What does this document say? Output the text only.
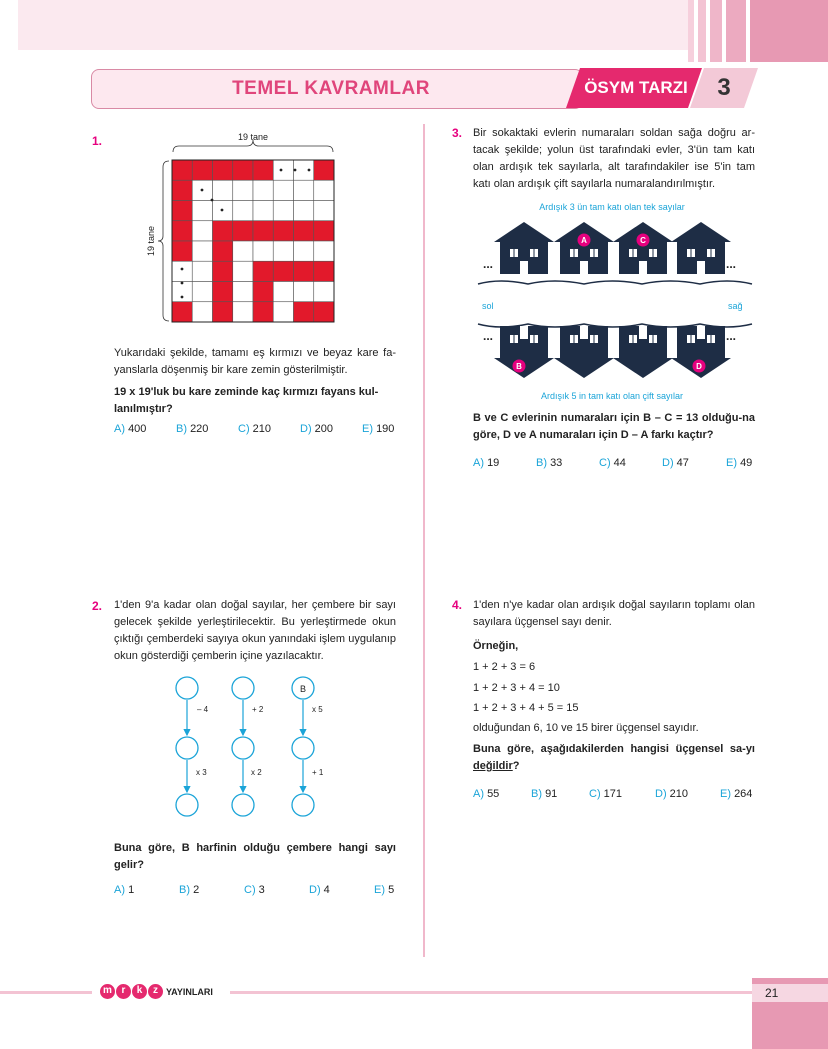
TEMEL KAVRAMLAR	ÖSYM TARZI	3
1.	19 tane
19 tane
Yukarıdaki şekilde, tamamı eş kırmızı ve beyaz kare fa-yanslarla döşenmiş bir kare zemin gösterilmiştir.
19 x 19'luk bu kare zeminde kaç kırmızı fayans kul-lanılmıştır?
A) 400	B) 220	C) 210	D) 200	E) 190
2. 1'den 9'a kadar olan doğal sayılar, her çembere bir sayı gelecek şekilde yerleştirilecektir. Bu yerleştirmede okun çıktığı çemberdeki sayıya okun yanındaki işlem uygulanıp okun gösterdiği çemberin içine yazılacaktır.
B
– 4	+ 2	x 5
x 3	x 2	+ 1
Buna göre, B harfinin olduğu çembere hangi sayı gelir?
A) 1	B) 2	C) 3	D) 4	E) 5
3. Bir sokaktaki evlerin numaraları soldan sağa doğru ar-tacak şekilde; yolun üst tarafındaki evler, 3'ün tam katı olan ardışık tek sayılarla, alt tarafındakiler ise 5'in tam katı olan ardışık çift sayılarla numaralandırılmıştır.
Ardışık 3 ün tam katı olan tek sayılar
Ardışık 5 in tam katı olan çift sayılar
sol	sağ
...	...
...	...
A	C
B	D
B ve C evlerinin numaraları için B – C = 13 olduğu-na göre, D ve A numaraları için D – A farkı kaçtır?
A) 19	B) 33	C) 44	D) 47	E) 49
4. 1'den n'ye kadar olan ardışık doğal sayıların toplamı olan sayılara üçgensel sayı denir.
Örneğin,
1 + 2 + 3 = 6
1 + 2 + 3 + 4 = 10
1 + 2 + 3 + 4 + 5 = 15
olduğundan 6, 10 ve 15 birer üçgensel sayıdır.
Buna göre, aşağıdakilerden hangisi üçgensel sa-yı değildir?
A) 55	B) 91	C) 171	D) 210	E) 264
m r	k	z YAYINLARI	21
